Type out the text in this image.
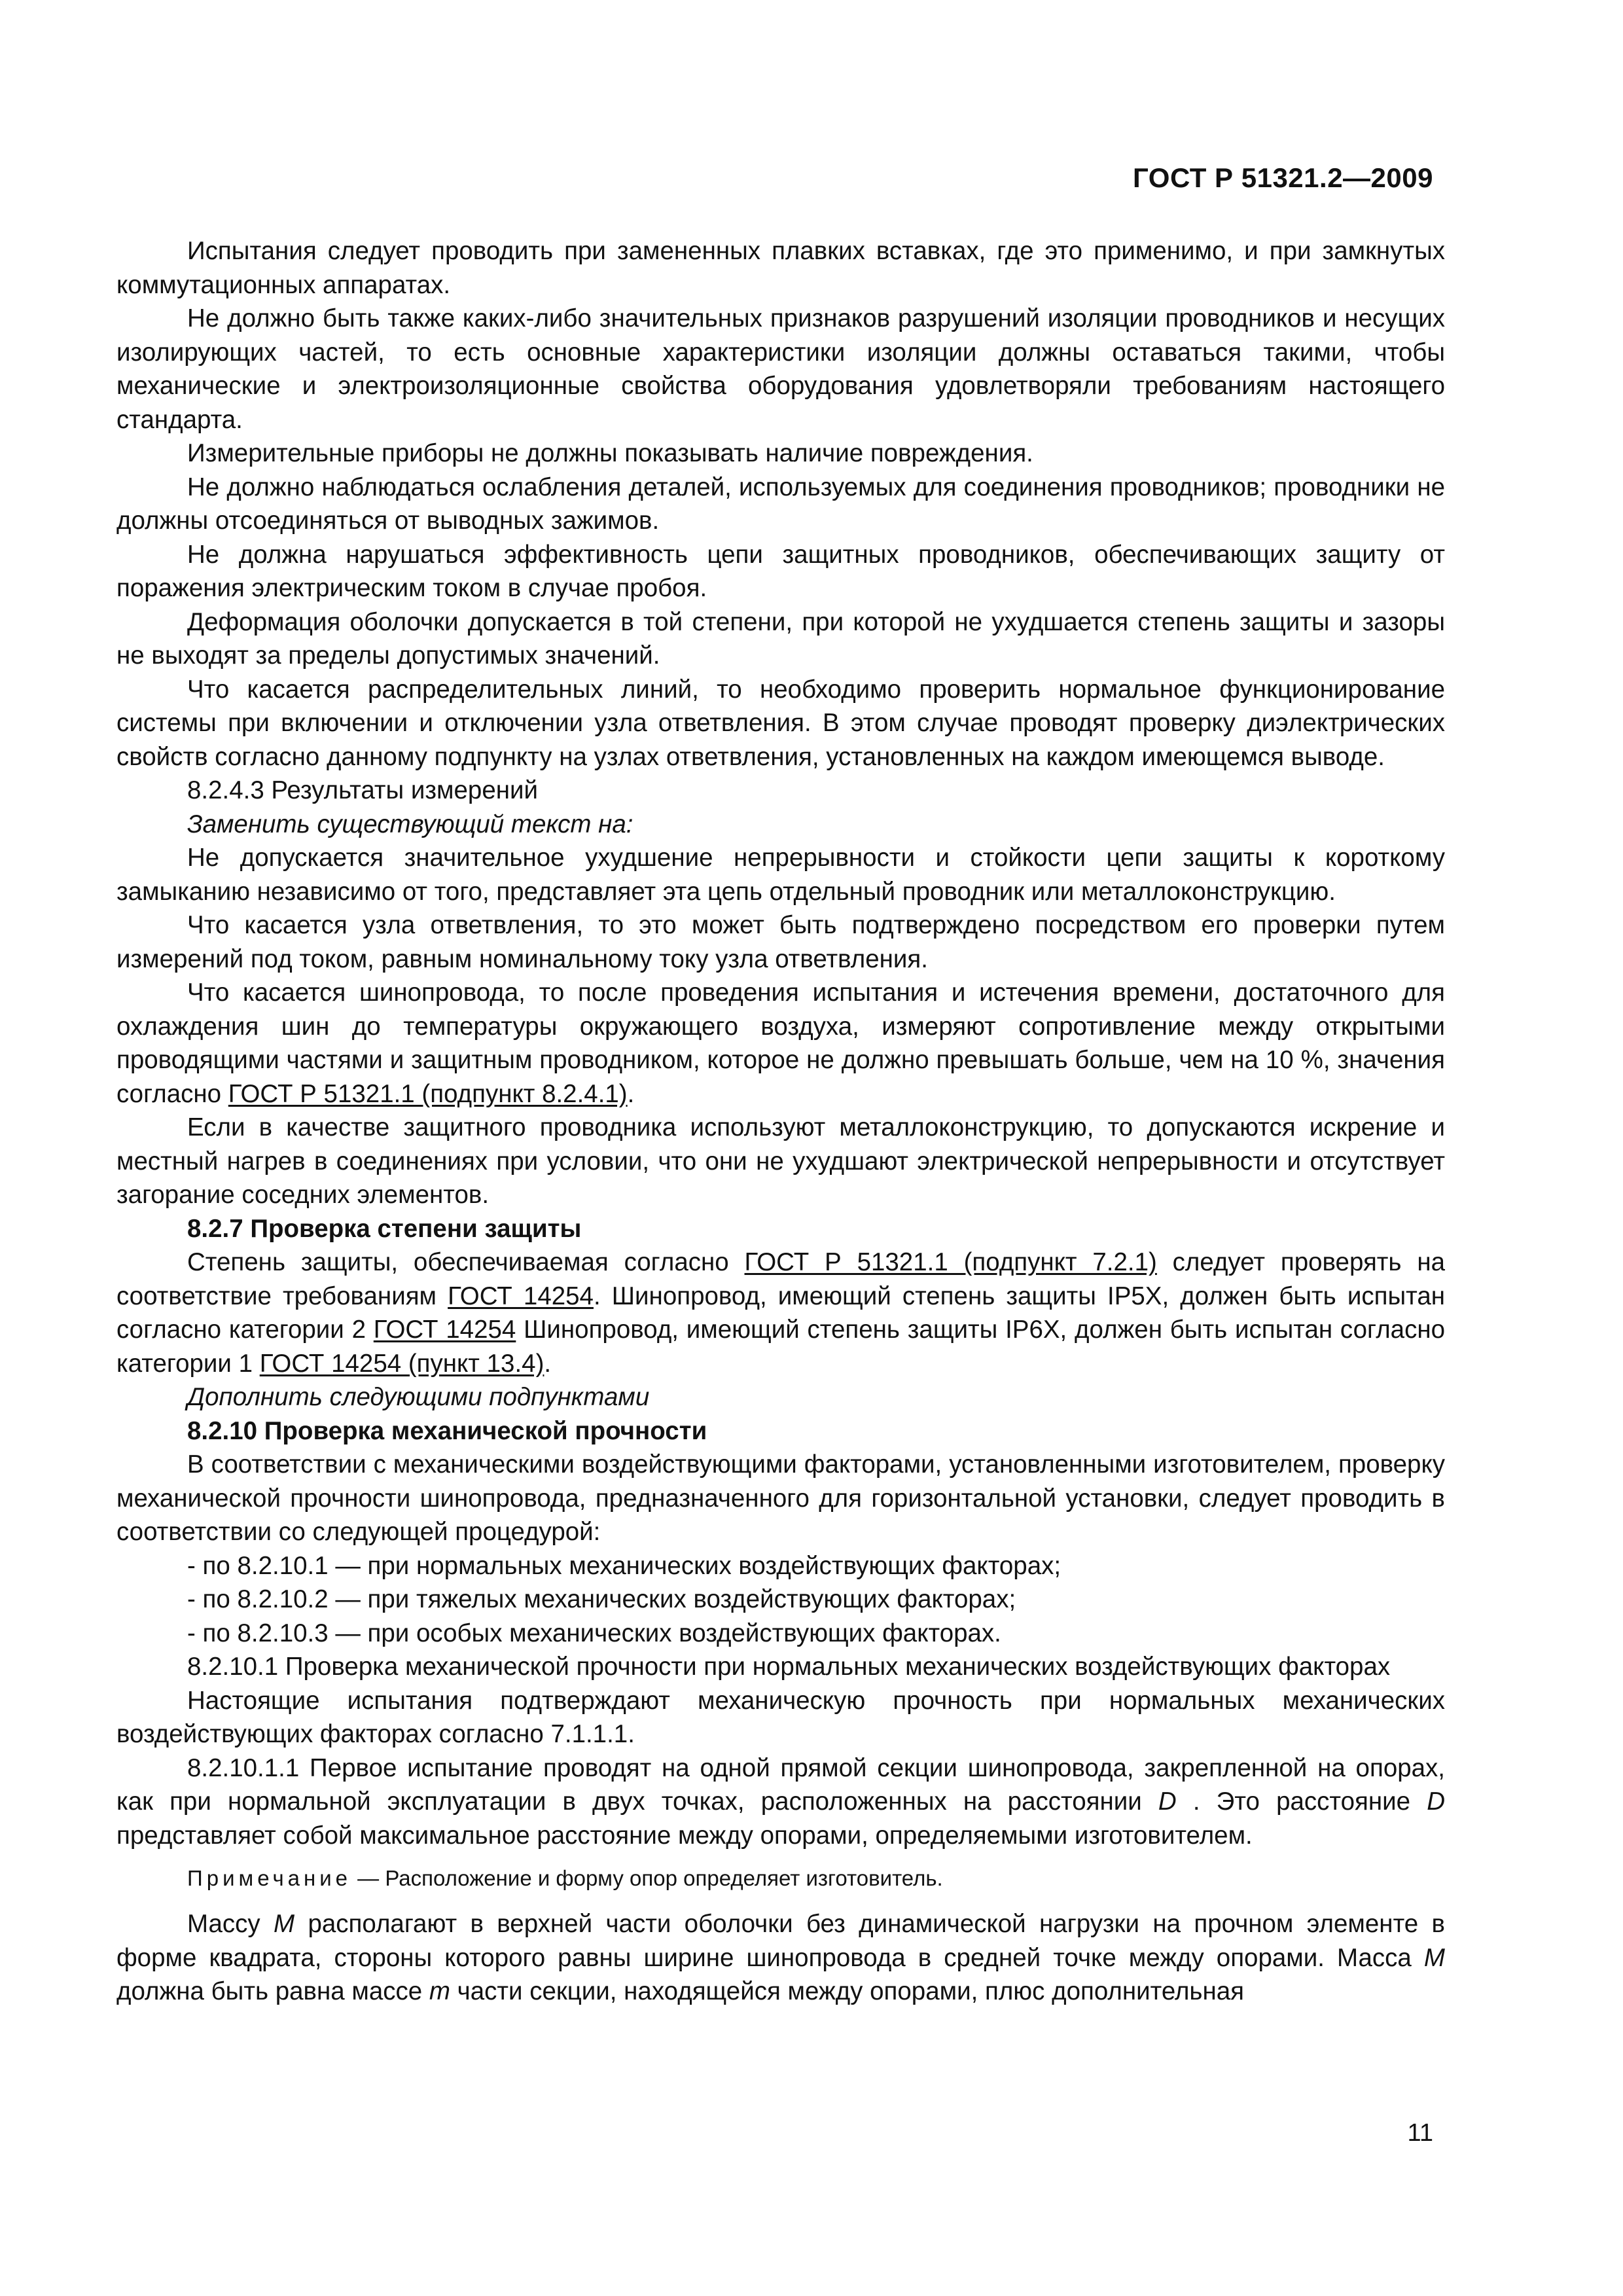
ГОСТ Р 51321.2—2009

Испытания следует проводить при замененных плавких вставках, где это применимо, и при замкнутых коммутационных аппаратах.

Не должно быть также каких-либо значительных признаков разрушений изоляции проводников и несущих изолирующих частей, то есть основные характеристики изоляции должны оставаться такими, чтобы механические и электроизоляционные свойства оборудования удовлетворяли требованиям настоящего стандарта.

Измерительные приборы не должны показывать наличие повреждения.

Не должно наблюдаться ослабления деталей, используемых для соединения проводников; проводники не должны отсоединяться от выводных зажимов.

Не должна нарушаться эффективность цепи защитных проводников, обеспечивающих защиту от поражения электрическим током в случае пробоя.

Деформация оболочки допускается в той степени, при которой не ухудшается степень защиты и зазоры не выходят за пределы допустимых значений.

Что касается распределительных линий, то необходимо проверить нормальное функционирование системы при включении и отключении узла ответвления. В этом случае проводят проверку диэлектрических свойств согласно данному подпункту на узлах ответвления, установленных на каждом имеющемся выводе.

8.2.4.3 Результаты измерений

Заменить существующий текст на:

Не допускается значительное ухудшение непрерывности и стойкости цепи защиты к короткому замыканию независимо от того, представляет эта цепь отдельный проводник или металлоконструкцию.

Что касается узла ответвления, то это может быть подтверждено посредством его проверки путем измерений под током, равным номинальному току узла ответвления.

Что касается шинопровода, то после проведения испытания и истечения времени, достаточного для охлаждения шин до температуры окружающего воздуха, измеряют сопротивление между открытыми проводящими частями и защитным проводником, которое не должно превышать больше, чем на 10 %, значения согласно ГОСТ Р 51321.1 (подпункт 8.2.4.1).

Если в качестве защитного проводника используют металлоконструкцию, то допускаются искрение и местный нагрев в соединениях при условии, что они не ухудшают электрической непрерывности и отсутствует загорание соседних элементов.

8.2.7 Проверка степени защиты

Степень защиты, обеспечиваемая согласно ГОСТ Р 51321.1 (подпункт 7.2.1) следует проверять на соответствие требованиям ГОСТ 14254. Шинопровод, имеющий степень защиты IP5X, должен быть испытан согласно категории 2 ГОСТ 14254 Шинопровод, имеющий степень защиты IP6X, должен быть испытан согласно категории 1 ГОСТ 14254 (пункт 13.4).

Дополнить следующими подпунктами

8.2.10 Проверка механической прочности

В соответствии с механическими воздействующими факторами, установленными изготовителем, проверку механической прочности шинопровода, предназначенного для горизонтальной установки, следует проводить в соответствии со следующей процедурой:

- по 8.2.10.1 — при нормальных механических воздействующих факторах;

- по 8.2.10.2 — при тяжелых механических воздействующих факторах;

- по 8.2.10.3 — при особых механических воздействующих факторах.

8.2.10.1 Проверка механической прочности при нормальных механических воздействующих факторах

Настоящие испытания подтверждают механическую прочность при нормальных механических воздействующих факторах согласно 7.1.1.1.

8.2.10.1.1 Первое испытание проводят на одной прямой секции шинопровода, закрепленной на опорах, как при нормальной эксплуатации в двух точках, расположенных на расстоянии D . Это расстояние D представляет собой максимальное расстояние между опорами, определяемыми изготовителем.

Примечание — Расположение и форму опор определяет изготовитель.

Массу М располагают в верхней части оболочки без динамической нагрузки на прочном элементе в форме квадрата, стороны которого равны ширине шинопровода в средней точке между опорами. Масса М должна быть равна массе т части секции, находящейся между опорами, плюс дополнительная

11
